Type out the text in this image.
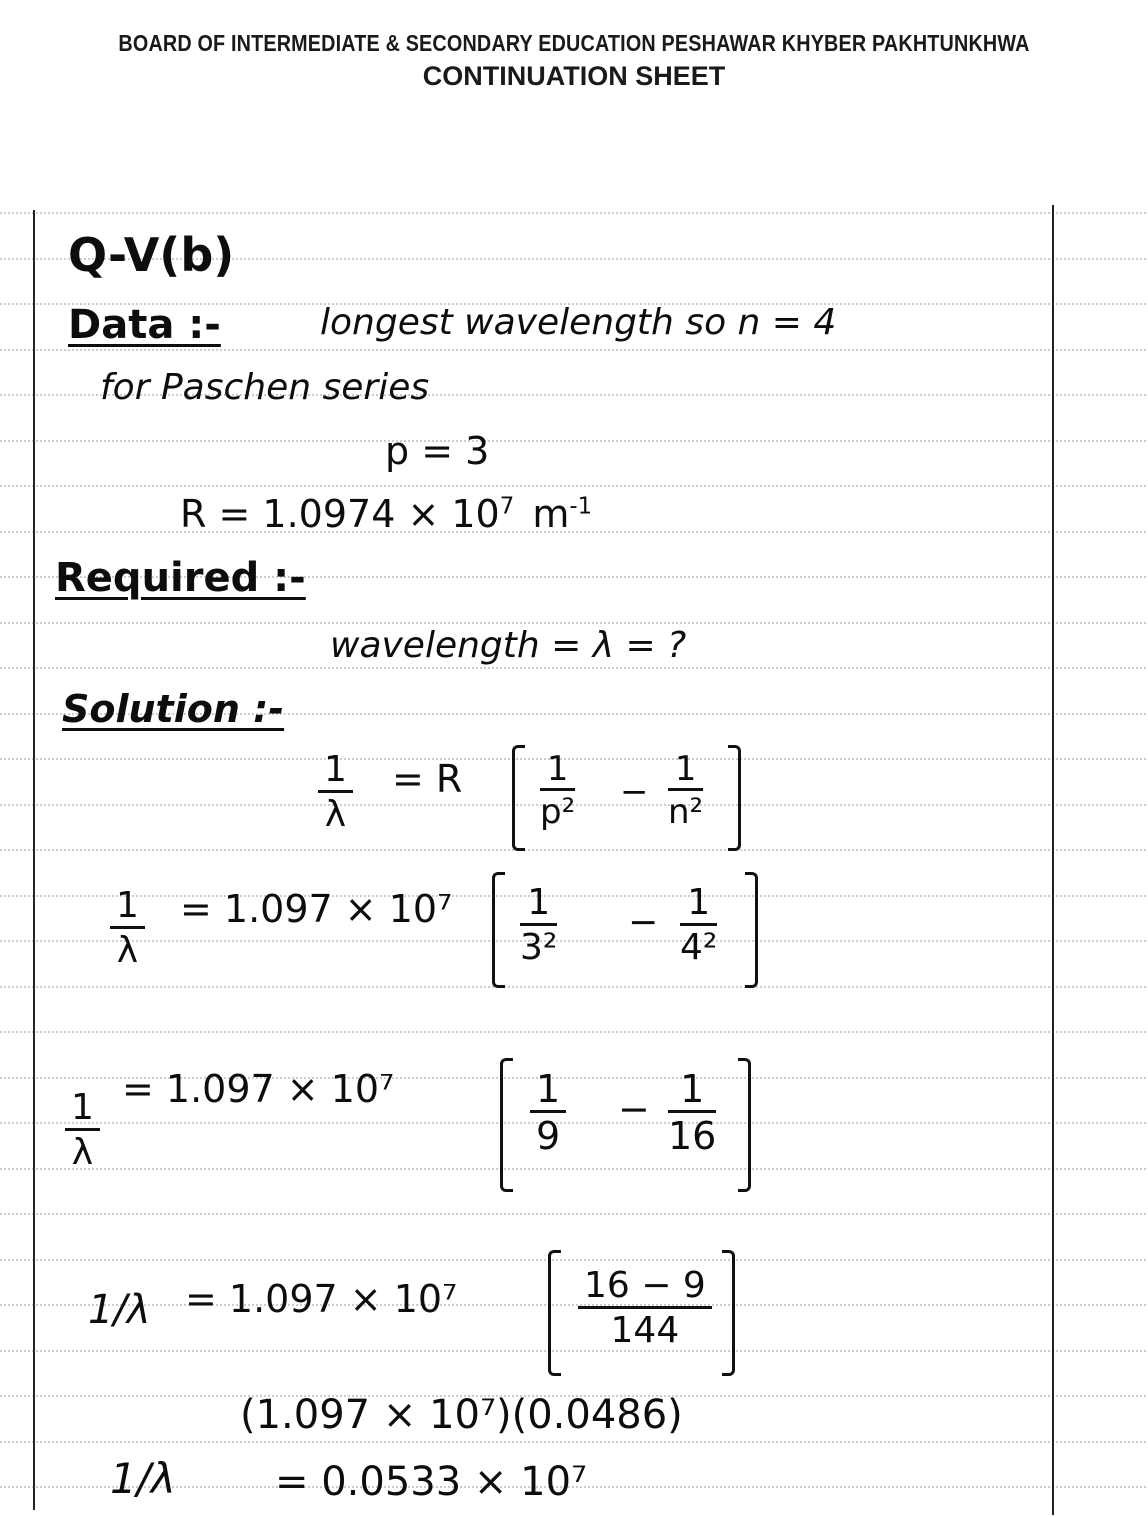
BOARD OF INTERMEDIATE & SECONDARY EDUCATION PESHAWAR KHYBER PAKHTUNKHWA
CONTINUATION SHEET
Q-V(b)
Data :-	longest wavelength so n = 4
for Paschen series
p = 3
$R = 1.0974 \times 10^7$ $m^{-1}$
Required :-
wavelength = λ = ?
Solution :-
$\frac{1}{\lambda} = R \frac{1}{\text{p²}} - \frac{1}{\text{n²}}$
$\frac{1}{\lambda} = 1.097 \times 10^7 \frac{1}{\text{3²}} - \frac{1}{\text{4²}}$
$\frac{1}{\lambda}$
= 1.097 × 10⁷	$\frac{1}{9} - \frac{1}{16}$
1/λ = 1.097 × 10⁷	$\frac{16 - 9}{144}$
(1.097 × 10⁷)(0.0486)
1/λ = 0.0533 × 10⁷
